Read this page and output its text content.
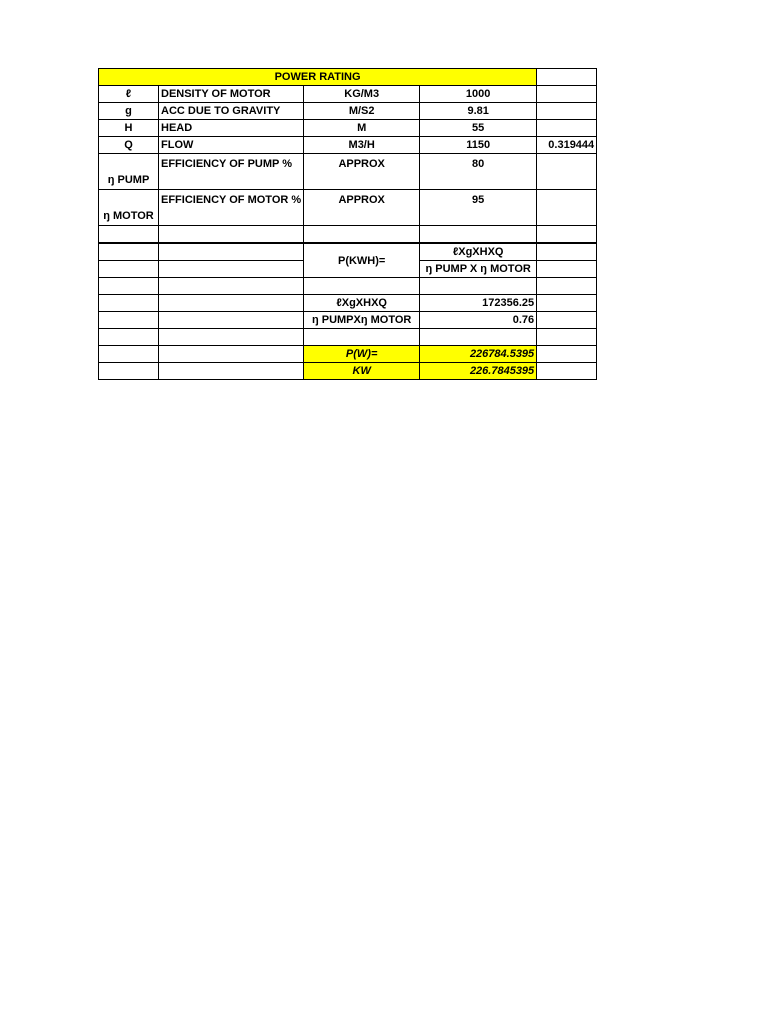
POWER RATING				
ℓ	DENSITY OF MOTOR	KG/M3	1000	
g	ACC DUE TO GRAVITY	M/S2	9.81	
H	HEAD	M	55	
Q	FLOW	M3/H	1150	0.319444
ŋ PUMP	EFFICIENCY OF PUMP %	APPROX	80	
ŋ MOTOR	EFFICIENCY OF MOTOR %	APPROX	95	

		P(KWH)=	ℓXgXHXQ	
			ŋ PUMP X ŋ MOTOR	

		ℓXgXHXQ	172356.25	
		ŋ PUMPXŋ MOTOR	0.76	

		P(W)=	226784.5395	
		KW	226.7845395	
